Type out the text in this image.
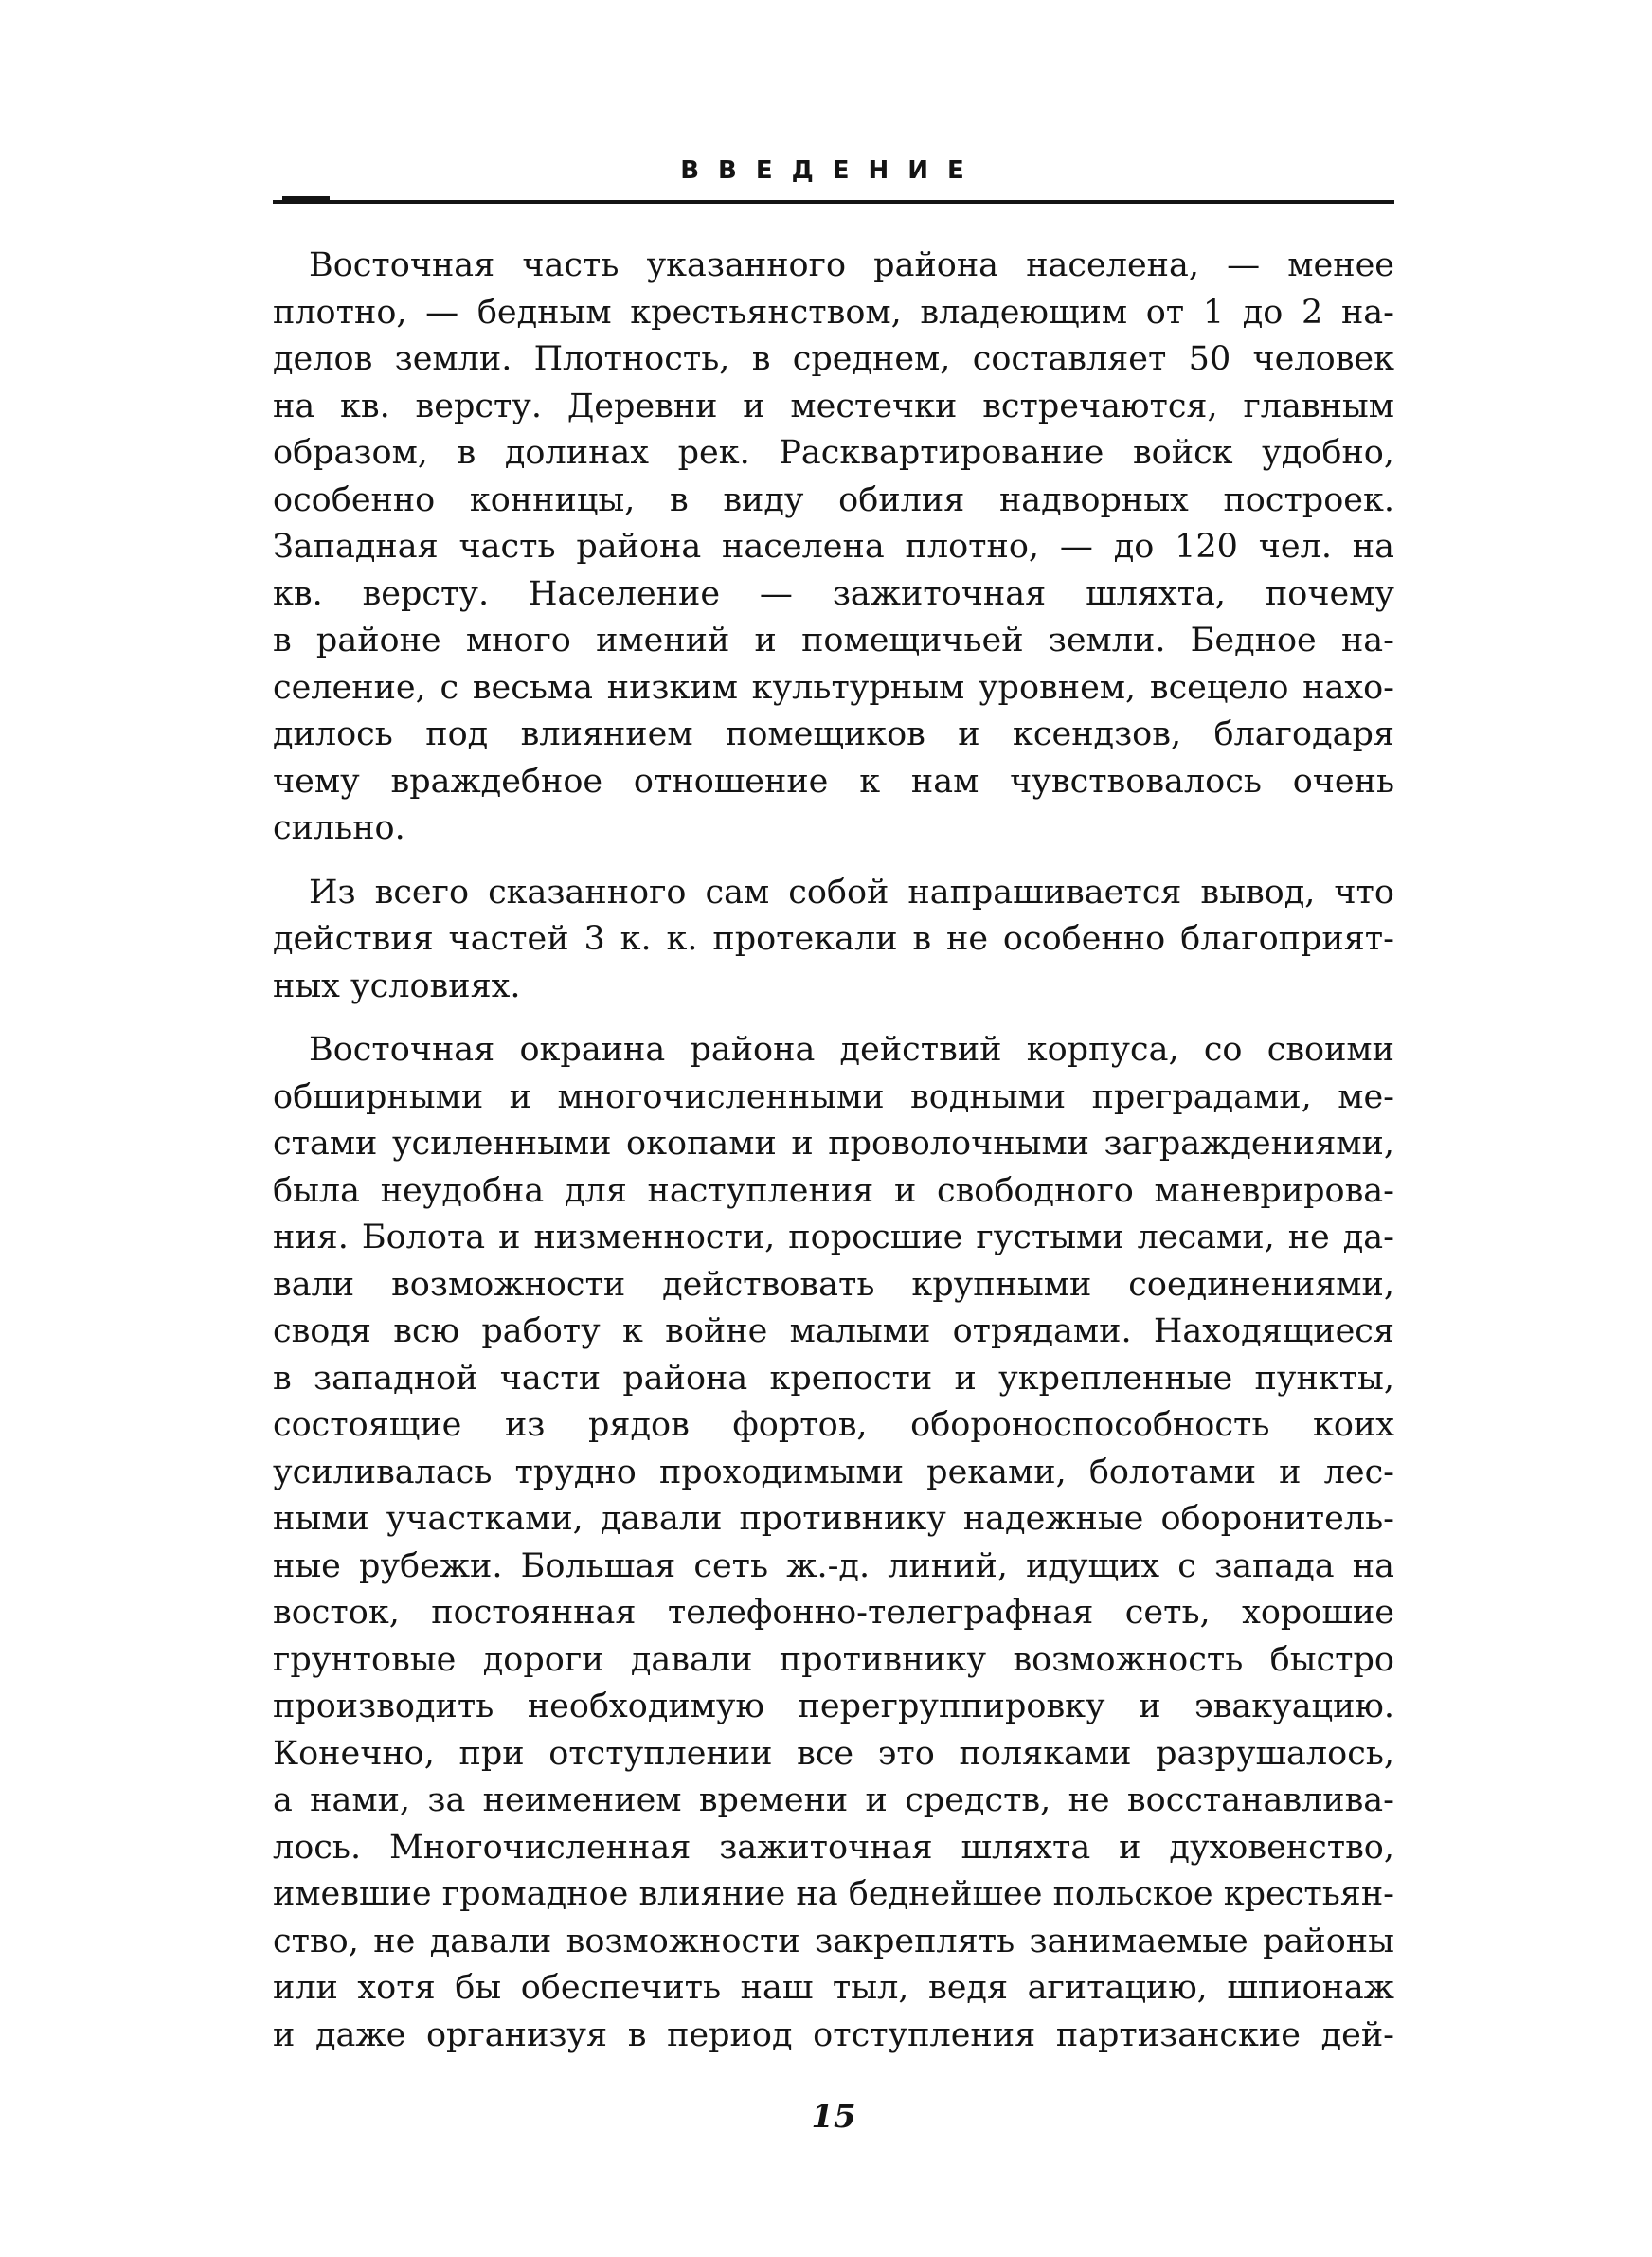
ВВЕДЕНИЕ
Восточная часть указанного района населена, — менее
плотно, — бедным крестьянством, владеющим от 1 до 2 на-
делов земли. Плотность, в среднем, составляет 50 человек
на кв. версту. Деревни и местечки встречаются, главным
образом, в долинах рек. Расквартирование войск удобно,
особенно конницы, в виду обилия надворных построек.
Западная часть района населена плотно, — до 120 чел. на
кв. версту. Население — зажиточная шляхта, почему
в районе много имений и помещичьей земли. Бедное на-
селение, с весьма низким культурным уровнем, всецело нахо-
дилось под влиянием помещиков и ксендзов, благодаря
чему враждебное отношение к нам чувствовалось очень
сильно.
Из всего сказанного сам собой напрашивается вывод, что
действия частей 3 к. к. протекали в не особенно благоприят-
ных условиях.
Восточная окраина района действий корпуса, со своими
обширными и многочисленными водными преградами, ме-
стами усиленными окопами и проволочными заграждениями,
была неудобна для наступления и свободного маневрирова-
ния. Болота и низменности, поросшие густыми лесами, не да-
вали возможности действовать крупными соединениями,
сводя всю работу к войне малыми отрядами. Находящиеся
в западной части района крепости и укрепленные пункты,
состоящие из рядов фортов, обороноспособность коих
усиливалась трудно проходимыми реками, болотами и лес-
ными участками, давали противнику надежные оборонитель-
ные рубежи. Большая сеть ж.-д. линий, идущих с запада на
восток, постоянная телефонно-телеграфная сеть, хорошие
грунтовые дороги давали противнику возможность быстро
производить необходимую перегруппировку и эвакуацию.
Конечно, при отступлении все это поляками разрушалось,
а нами, за неимением времени и средств, не восстанавлива-
лось. Многочисленная зажиточная шляхта и духовенство,
имевшие громадное влияние на беднейшее польское крестьян-
ство, не давали возможности закреплять занимаемые районы
или хотя бы обеспечить наш тыл, ведя агитацию, шпионаж
и даже организуя в период отступления партизанские дей-
15
